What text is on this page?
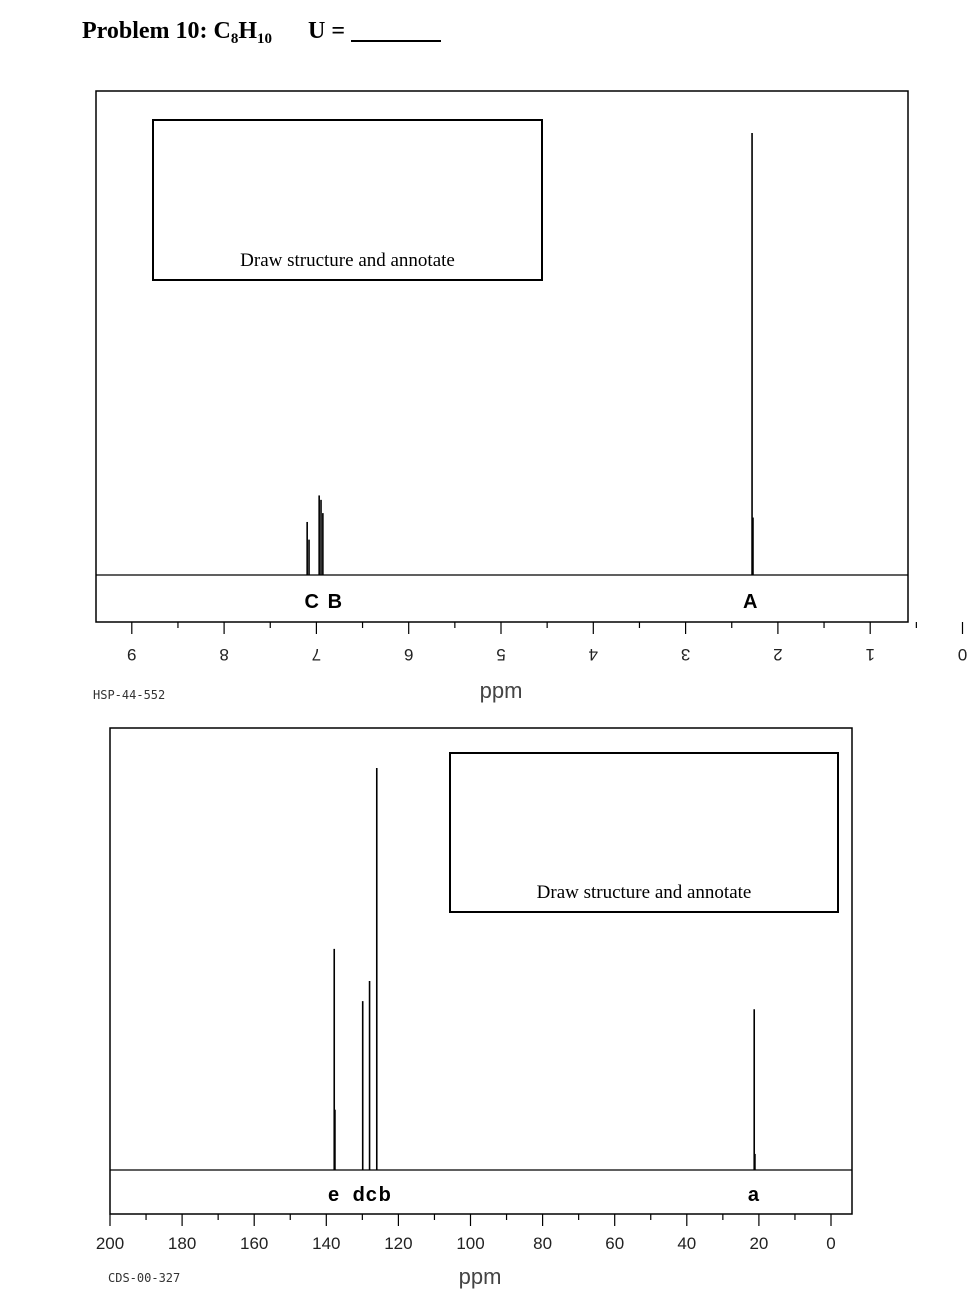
Problem 10: $C_8H_{10}$ U =
C B	A
9	8	7	6	5	4	3	2	1	0
Draw structure and annotate
ppm
HSP-44-552
e d c b	a
200	180	160	140	120	100	80	60	40	20	0
Draw structure and annotate
ppm
CDS-00-327
